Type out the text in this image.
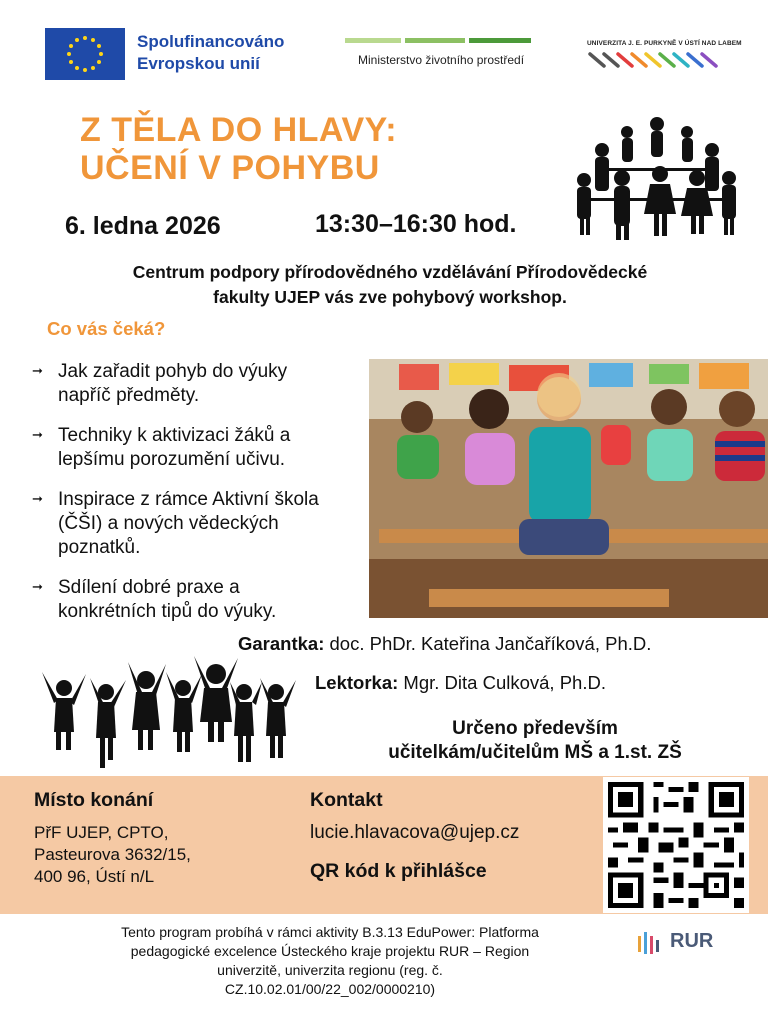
Spolufinancováno
Evropskou unií	Ministerstvo životního prostředí
UNIVERZITA J. E. PURKYNĚ V ÚSTÍ NAD LABEM
Z TĚLA DO HLAVY:
UČENÍ V POHYBU
6. ledna 2026	13:30–16:30 hod.
Centrum podpory přírodovědného vzdělávání Přírodovědecké
fakulty UJEP vás zve pohybový workshop.
Co vás čeká?
➞ Jak zařadit pohyb do výuky
napříč předměty.
➞ Techniky k aktivizaci žáků a
lepšímu porozumění učivu.
➞ Inspirace z rámce Aktivní škola
(ČŠI) a nových vědeckých
poznatků.
➞ Sdílení dobré praxe a
konkrétních tipů do výuky.
Garantka: doc. PhDr. Kateřina Jančaříková, Ph.D.
Lektorka: Mgr. Dita Culková, Ph.D.
Určeno především
učitelkám/učitelům MŠ a 1.st. ZŠ
Místo konání
PřF UJEP, CPTO,
Pasteurova 3632/15,
400 96, Ústí n/L
Kontakt
lucie.hlavacova@ujep.cz
QR kód k přihlášce
Tento program probíhá v rámci aktivity B.3.13 EduPower: Platforma
pedagogické excelence Ústeckého kraje projektu RUR – Region
univerzitě, univerzita regionu (reg. č.
CZ.10.02.01/00/22_002/0000210)
RUR
